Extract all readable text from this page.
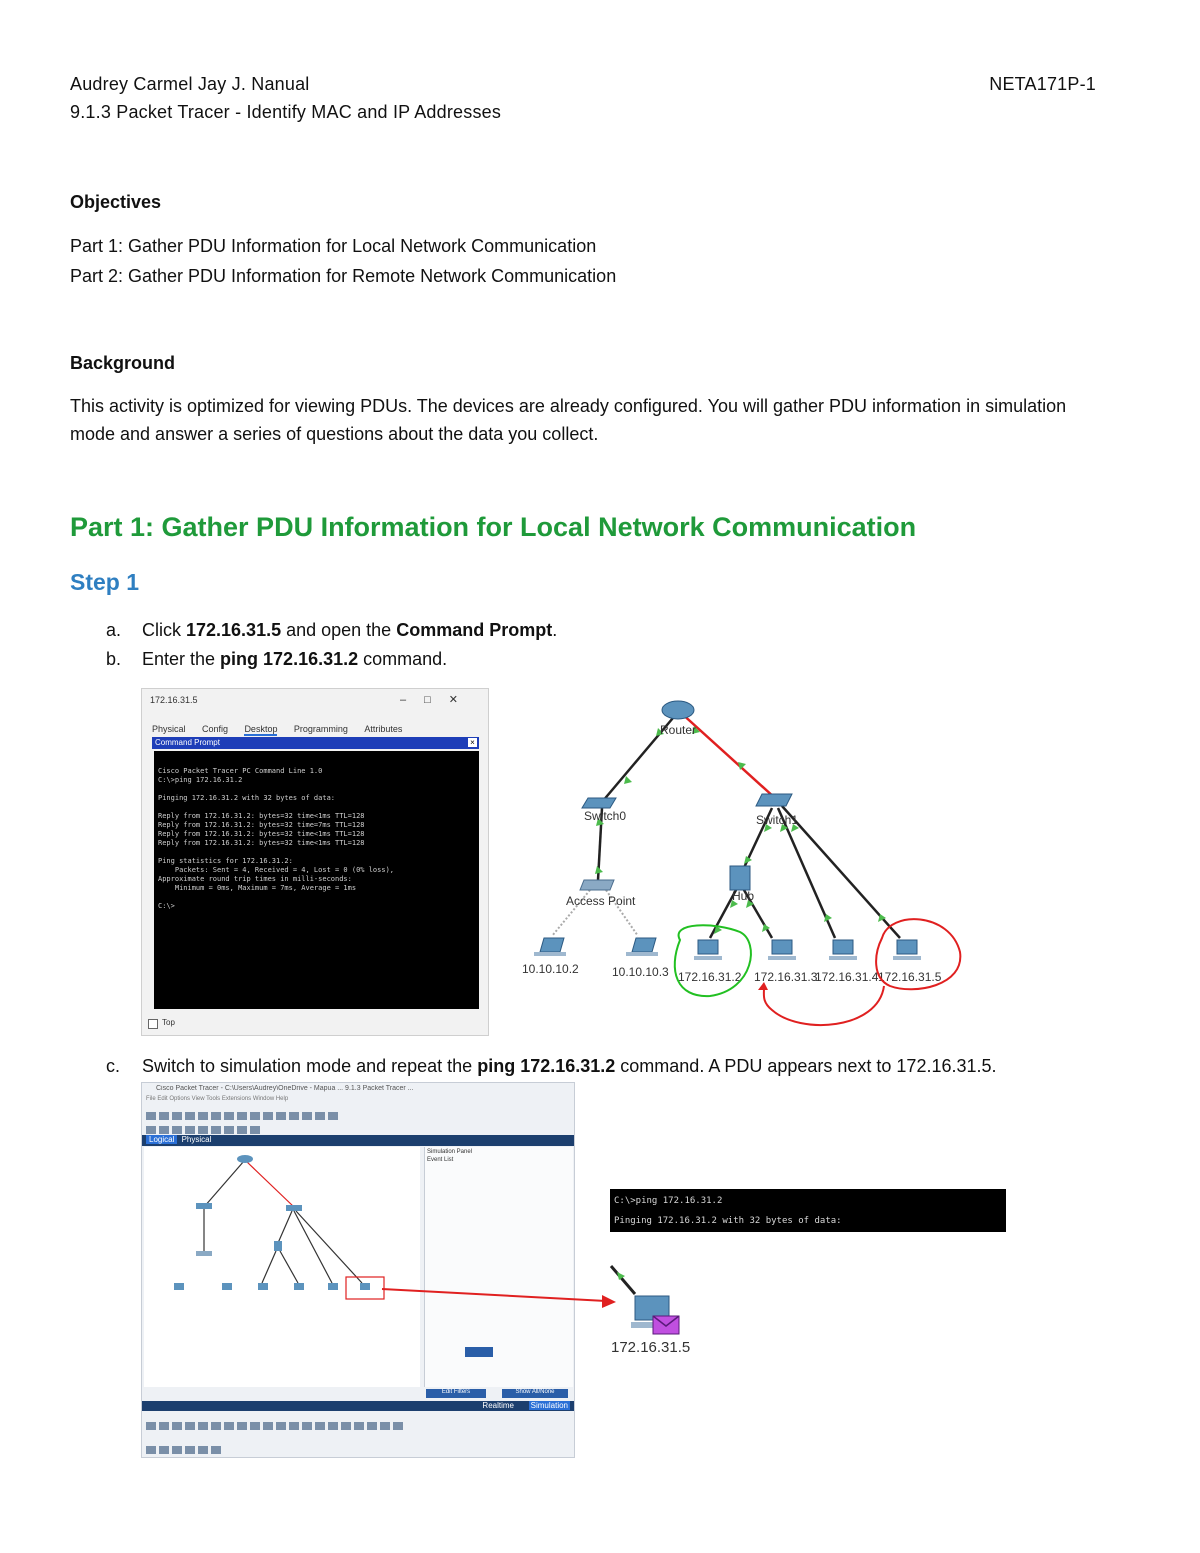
Audrey Carmel Jay J. Nanual	NETA171P-1
9.1.3 Packet Tracer - Identify MAC and IP Addresses
Objectives
Part 1: Gather PDU Information for Local Network Communication
Part 2: Gather PDU Information for Remote Network Communication
Background
This activity is optimized for viewing PDUs. The devices are already configured. You will gather PDU information in simulation mode and answer a series of questions about the data you collect.
Part 1: Gather PDU Information for Local Network Communication
Step 1
a. Click 172.16.31.5 and open the Command Prompt.
b. Enter the ping 172.16.31.2 command.
172.16.31.5	–□✕
Physical Config Desktop Programming Attributes
Command Prompt	×
Cisco Packet Tracer PC Command Line 1.0
C:\>ping 172.16.31.2

Pinging 172.16.31.2 with 32 bytes of data:

Reply from 172.16.31.2: bytes=32 time<1ms TTL=128
Reply from 172.16.31.2: bytes=32 time=7ms TTL=128
Reply from 172.16.31.2: bytes=32 time<1ms TTL=128
Reply from 172.16.31.2: bytes=32 time<1ms TTL=128

Ping statistics for 172.16.31.2:
Packets: Sent = 4, Received = 4, Lost = 0 (0% loss),
Approximate round trip times in milli-seconds:
Minimum = 0ms, Maximum = 7ms, Average = 1ms

C:\>
Top
Router
Switch0	Switch1
Access Point	Hub
10.10.10.2	10.10.10.3 172.16.31.2 172.16.31.3
172.16.31.4 172.16.31.5
c. Switch to simulation mode and repeat the ping 172.16.31.2 command. A PDU appears next to 172.16.31.5.
Cisco Packet Tracer - C:\Users\Audrey\OneDrive - Mapua ... 9.1.3 Packet Tracer ...
File Edit Options View Tools Extensions Window Help
Logical Physical
Simulation Panel
Event List
Edit Filters	Show All/None
Realtime Simulation
C:\>ping 172.16.31.2
Pinging 172.16.31.2 with 32 bytes of data:
172.16.31.5
